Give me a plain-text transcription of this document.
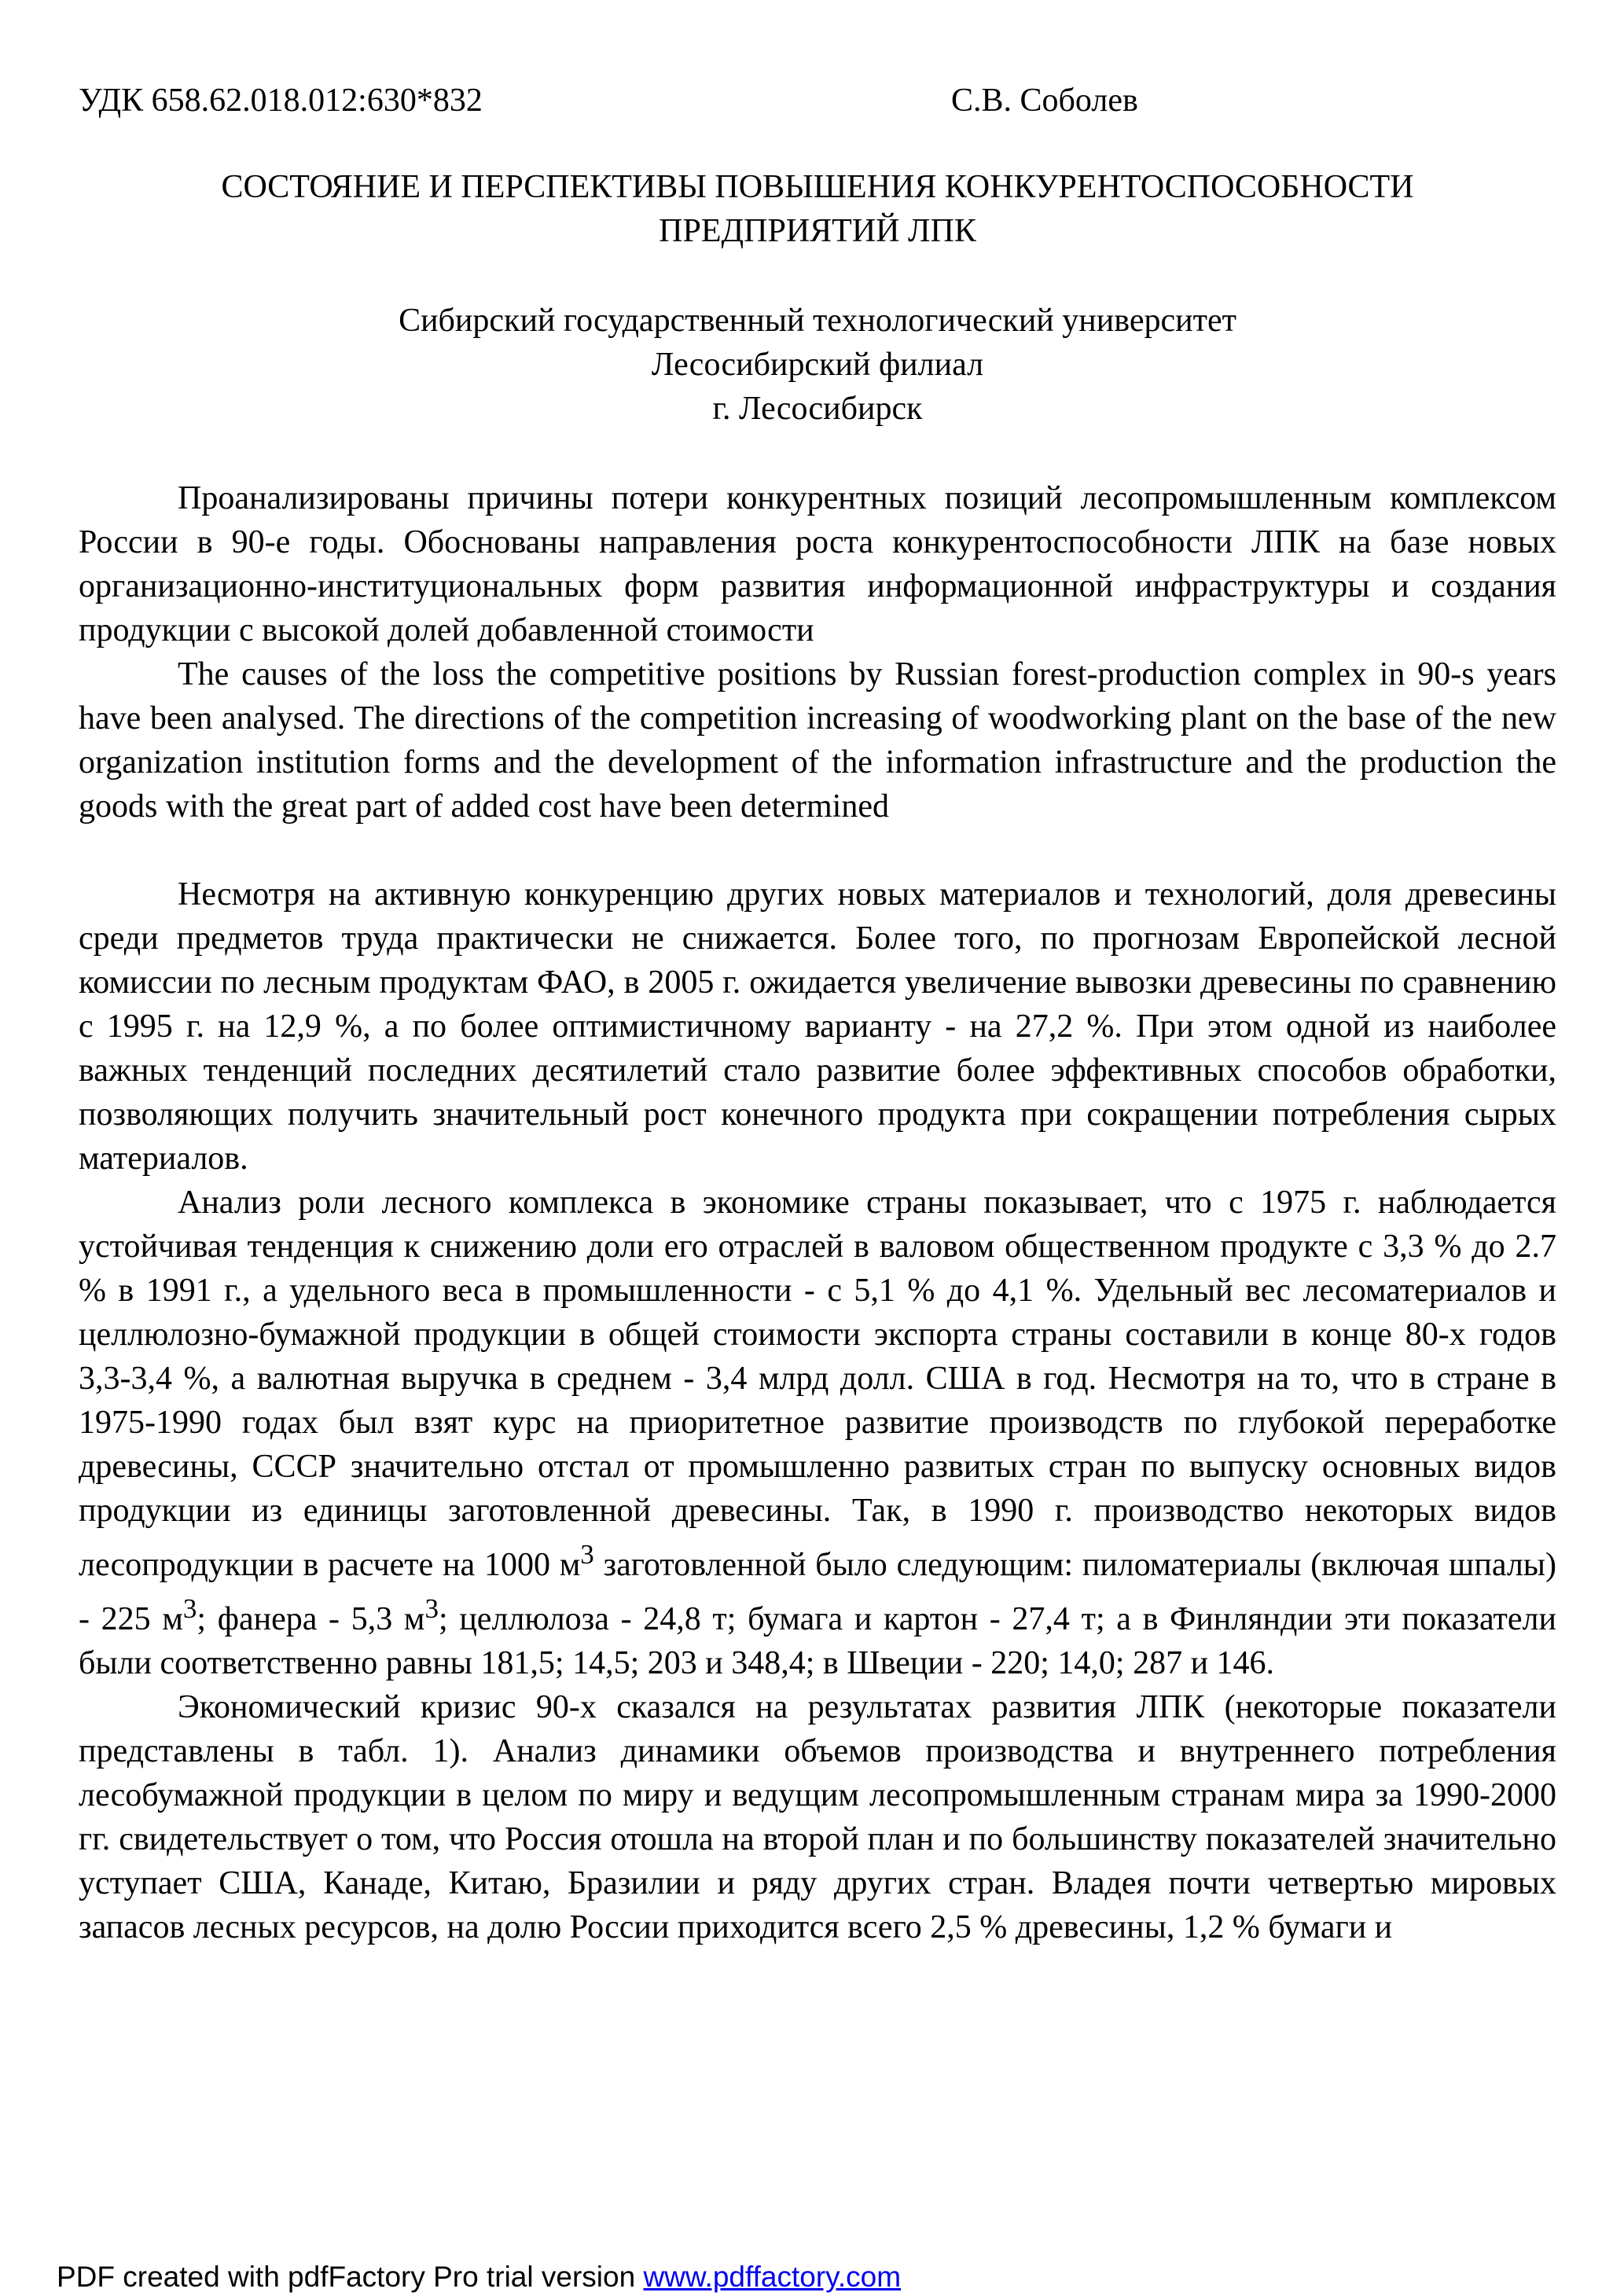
УДК 658.62.018.012:630*832	С.В. Соболев
СОСТОЯНИЕ И ПЕРСПЕКТИВЫ ПОВЫШЕНИЯ КОНКУРЕНТОСПОСОБНОСТИ
ПРЕДПРИЯТИЙ ЛПК
Сибирский государственный технологический университет
Лесосибирский филиал
г. Лесосибирск

Проанализированы причины потери конкурентных позиций лесопромышленным комплексом России в 90-е годы. Обоснованы направления роста конкурентоспособности ЛПК на базе новых организационно-институциональных форм развития информационной инфраструктуры и создания продукции с высокой долей добавленной стоимости

The causes of the loss the competitive positions by Russian forest-production complex in 90-s years have been analysed. The directions of the competition increasing of woodworking plant on the base of the new organization institution forms and the development of the information infrastructure and the production the goods with the great part of added cost have been determined

Несмотря на активную конкуренцию других новых материалов и технологий, доля древесины среди предметов труда практически не снижается. Более того, по прогнозам Европейской лесной комиссии по лесным продуктам ФАО, в 2005 г. ожидается увеличение вывозки древесины по сравнению с 1995 г. на 12,9 %, а по более оптимистичному варианту - на 27,2 %. При этом одной из наиболее важных тенденций последних десятилетий стало развитие более эффективных способов обработки, позволяющих получить значительный рост конечного продукта при сокращении потребления сырых материалов.

Анализ роли лесного комплекса в экономике страны показывает, что с 1975 г. наблюдается устойчивая тенденция к снижению доли его отраслей в валовом общественном продукте с 3,3 % до 2.7 % в 1991 г., а удельного веса в промышленности - с 5,1 % до 4,1 %. Удельный вес лесоматериалов и целлюлозно-бумажной продукции в общей стоимости экспорта страны составили в конце 80-х годов 3,3-3,4 %, а валютная выручка в среднем - 3,4 млрд долл. США в год. Несмотря на то, что в стране в 1975-1990 годах был взят курс на приоритетное развитие производств по глубокой переработке древесины, СССР значительно отстал от промышленно развитых стран по выпуску основных видов продукции из единицы заготовленной древесины. Так, в 1990 г. производство некоторых видов лесопродукции в расчете на 1000 $м^3$ заготовленной было следующим: пиломатериалы (включая шпалы) - 225 $м^3$; фанера - 5,3 $м^3$; целлюлоза - 24,8 т; бумага и картон - 27,4 т; а в Финляндии эти показатели были соответственно равны 181,5; 14,5; 203 и 348,4; в Швеции - 220; 14,0; 287 и 146.

Экономический кризис 90-х сказался на результатах развития ЛПК (некоторые показатели представлены в табл. 1). Анализ динамики объемов производства и внутреннего потребления лесобумажной продукции в целом по миру и ведущим лесопромышленным странам мира за 1990-2000 гг. свидетельствует о том, что Россия отошла на второй план и по большинству показателей значительно уступает США, Канаде, Китаю, Бразилии и ряду других стран. Владея почти четвертью мировых запасов лесных ресурсов, на долю России приходится всего 2,5 % древесины, 1,2 % бумаги и

PDF created with pdfFactory Pro trial version www.pdffactory.com
